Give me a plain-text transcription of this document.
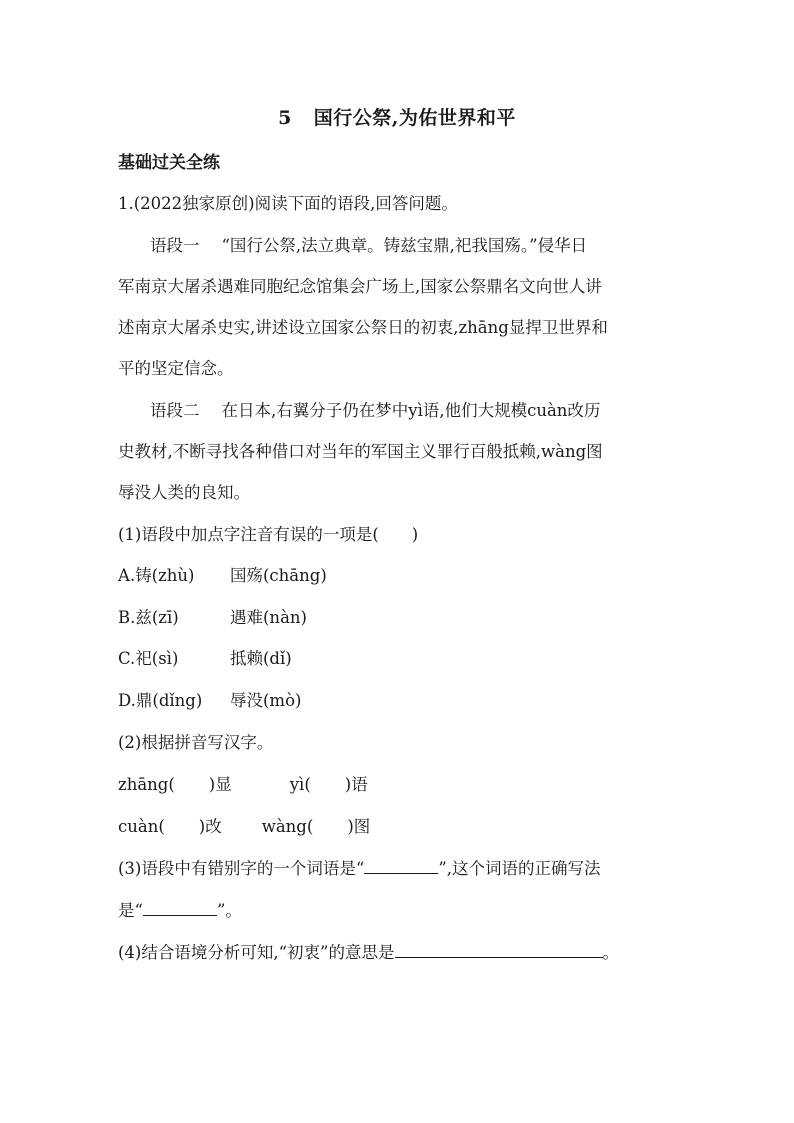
5 国行公祭,为佑世界和平
基础过关全练
1.(2022独家原创)阅读下面的语段,回答问题。
语段一 “国行公祭,法立典章。铸兹宝鼎,祀我国殇。”侵华日
军南京大屠杀遇难同胞纪念馆集会广场上,国家公祭鼎名文向世人讲
述南京大屠杀史实,讲述设立国家公祭日的初衷,zhāng显捍卫世界和
平的坚定信念。
语段二 在日本,右翼分子仍在梦中yì语,他们大规模cuàn改历
史教材,不断寻找各种借口对当年的军国主义罪行百般抵赖,wàng图
辱没人类的良知。
(1)语段中加点字注音有误的一项是(　　)
A.铸(zhù) 国殇(chāng)
B.兹(zī)	遇难(nàn)
C.祀(sì)	抵赖(dǐ)
D.鼎(dǐng) 辱没(mò)
(2)根据拼音写汉字。
zhāng( )显	yì( )语
cuàn( )改 wàng( )图
(3)语段中有错别字的一个词语是“	”,这个词语的正确写法
是“	”。
(4)结合语境分析可知,“初衷”的意思是	。
